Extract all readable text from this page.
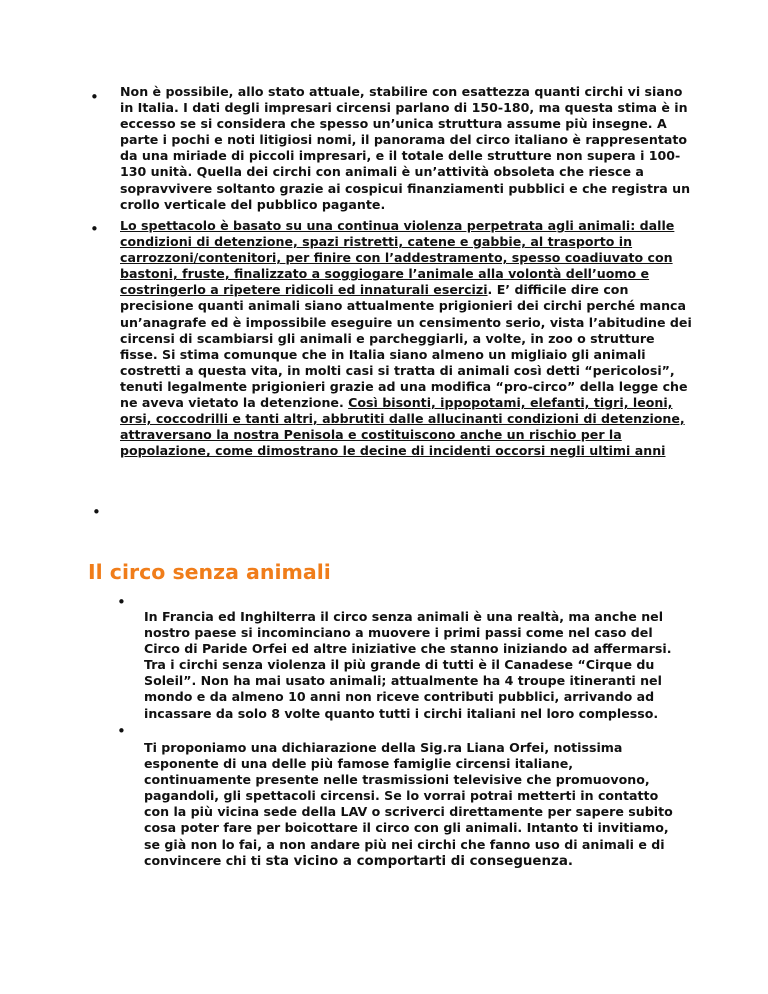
• Non è possibile, allo stato attuale, stabilire con esattezza quanti circhi vi siano in Italia. I dati degli impresari circensi parlano di 150-180, ma questa stima è in eccesso se si considera che spesso un’unica struttura assume più insegne. A parte i pochi e noti litigiosi nomi, il panorama del circo italiano è rappresentato da una miriade di piccoli impresari, e il totale delle strutture non supera i 100-130 unità. Quella dei circhi con animali è un’attività obsoleta che riesce a sopravvivere soltanto grazie ai cospicui finanziamenti pubblici e che registra un crollo verticale del pubblico pagante.

• Lo spettacolo è basato su una continua violenza perpetrata agli animali: dalle condizioni di detenzione, spazi ristretti, catene e gabbie, al trasporto in carrozzoni/contenitori, per finire con l’addestramento, spesso coadiuvato con bastoni, fruste, finalizzato a soggiogare l’animale alla volontà dell’uomo e costringerlo a ripetere ridicoli ed innaturali esercizi. E’ difficile dire con precisione quanti animali siano attualmente prigionieri dei circhi perché manca un’anagrafe ed è impossibile eseguire un censimento serio, vista l’abitudine dei circensi di scambiarsi gli animali e parcheggiarli, a volte, in zoo o strutture fisse. Si stima comunque che in Italia siano almeno un migliaio gli animali costretti a questa vita, in molti casi si tratta di animali così detti “pericolosi”, tenuti legalmente prigionieri grazie ad una modifica “pro-circo” della legge che ne aveva vietato la detenzione. Così bisonti, ippopotami, elefanti, tigri, leoni, orsi, coccodrilli e tanti altri, abbrutiti dalle allucinanti condizioni di detenzione, attraversano la nostra Penisola e costituiscono anche un rischio per la popolazione, come dimostrano le decine di incidenti occorsi negli ultimi anni

•
Il circo senza animali
•

In Francia ed Inghilterra il circo senza animali è una realtà, ma anche nel nostro paese si incominciano a muovere i primi passi come nel caso del Circo di Paride Orfei ed altre iniziative che stanno iniziando ad affermarsi. Tra i circhi senza violenza il più grande di tutti è il Canadese “Cirque du Soleil”. Non ha mai usato animali; attualmente ha 4 troupe itineranti nel mondo e da almeno 10 anni non riceve contributi pubblici, arrivando ad incassare da solo 8 volte quanto tutti i circhi italiani nel loro complesso.

•

Ti proponiamo una dichiarazione della Sig.ra Liana Orfei, notissima esponente di una delle più famose famiglie circensi italiane, continuamente presente nelle trasmissioni televisive che promuovono, pagandoli, gli spettacoli circensi. Se lo vorrai potrai metterti in contatto con la più vicina sede della LAV o scriverci direttamente per sapere subito cosa poter fare per boicottare il circo con gli animali. Intanto ti invitiamo, se già non lo fai, a non andare più nei circhi che fanno uso di animali e di convincere chi ti sta vicino a comportarti di conseguenza.
